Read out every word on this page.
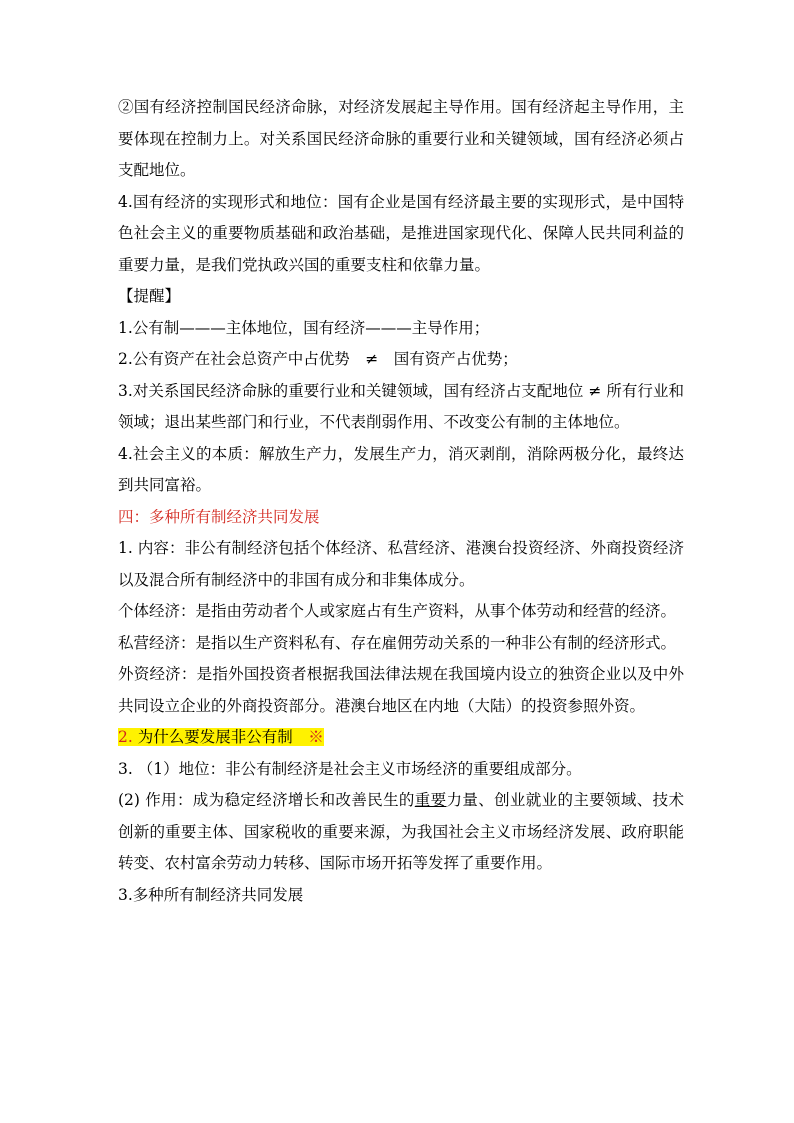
②国有经济控制国民经济命脉，对经济发展起主导作用。国有经济起主导作用，主要体现在控制力上。对关系国民经济命脉的重要行业和关键领域，国有经济必须占支配地位。

4.国有经济的实现形式和地位：国有企业是国有经济最主要的实现形式，是中国特色社会主义的重要物质基础和政治基础，是推进国家现代化、保障人民共同利益的重要力量，是我们党执政兴国的重要支柱和依靠力量。

【提醒】

1.公有制———主体地位，国有经济———主导作用；

2.公有资产在社会总资产中占优势　≠　国有资产占优势；

3.对关系国民经济命脉的重要行业和关键领域，国有经济占支配地位 ≠ 所有行业和领域；退出某些部门和行业，不代表削弱作用、不改变公有制的主体地位。

4.社会主义的本质：解放生产力，发展生产力，消灭剥削，消除两极分化，最终达到共同富裕。

四：多种所有制经济共同发展

1. 内容：非公有制经济包括个体经济、私营经济、港澳台投资经济、外商投资经济以及混合所有制经济中的非国有成分和非集体成分。

个体经济：是指由劳动者个人或家庭占有生产资料，从事个体劳动和经营的经济。

私营经济：是指以生产资料私有、存在雇佣劳动关系的一种非公有制的经济形式。

外资经济：是指外国投资者根据我国法律法规在我国境内设立的独资企业以及中外共同设立企业的外商投资部分。港澳台地区在内地（大陆）的投资参照外资。

2. 为什么要发展非公有制　※

3. （1）地位：非公有制经济是社会主义市场经济的重要组成部分。

(2) 作用：成为稳定经济增长和改善民生的重要力量、创业就业的主要领域、技术创新的重要主体、国家税收的重要来源，为我国社会主义市场经济发展、政府职能转变、农村富余劳动力转移、国际市场开拓等发挥了重要作用。

3.多种所有制经济共同发展
